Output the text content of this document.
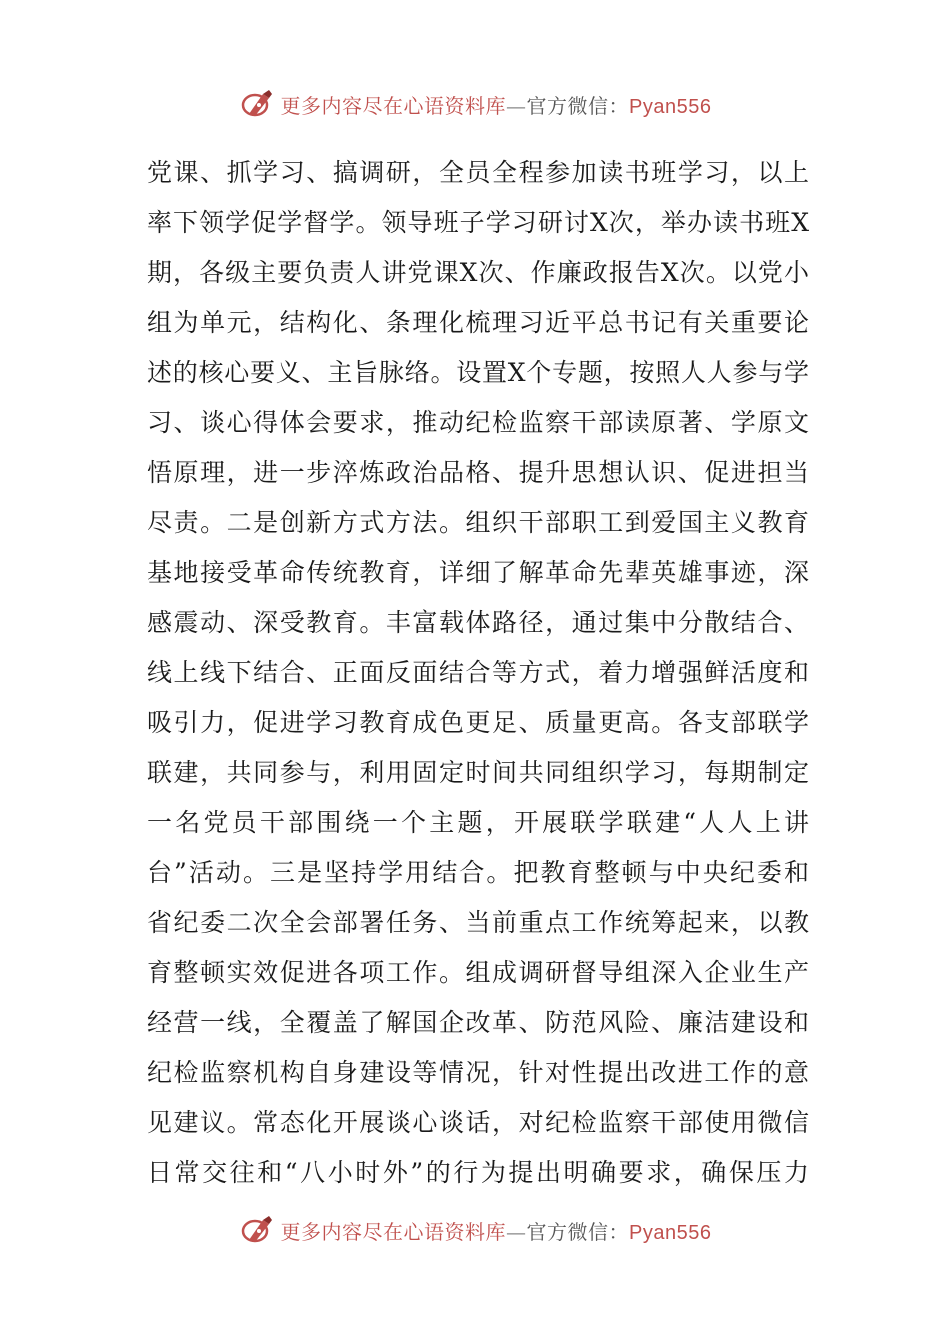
更多内容尽在心语资料库—官方微信：Pyan556
党课、抓学习、搞调研，全员全程参加读书班学习，以上
率下领学促学督学。领导班子学习研讨X次，举办读书班X
期，各级主要负责人讲党课X次、作廉政报告X次。以党小
组为单元，结构化、条理化梳理习近平总书记有关重要论
述的核心要义、主旨脉络。设置X个专题，按照人人参与学
习、谈心得体会要求，推动纪检监察干部读原著、学原文
悟原理，进一步淬炼政治品格、提升思想认识、促进担当
尽责。二是创新方式方法。组织干部职工到爱国主义教育
基地接受革命传统教育，详细了解革命先辈英雄事迹，深
感震动、深受教育。丰富载体路径，通过集中分散结合、
线上线下结合、正面反面结合等方式，着力增强鲜活度和
吸引力，促进学习教育成色更足、质量更高。各支部联学
联建，共同参与，利用固定时间共同组织学习，每期制定
一名党员干部围绕一个主题，开展联学联建“人人上讲
台”活动。三是坚持学用结合。把教育整顿与中央纪委和
省纪委二次全会部署任务、当前重点工作统筹起来，以教
育整顿实效促进各项工作。组成调研督导组深入企业生产
经营一线，全覆盖了解国企改革、防范风险、廉洁建设和
纪检监察机构自身建设等情况，针对性提出改进工作的意
见建议。常态化开展谈心谈话，对纪检监察干部使用微信
日常交往和“八小时外”的行为提出明确要求，确保压力
更多内容尽在心语资料库—官方微信：Pyan556
